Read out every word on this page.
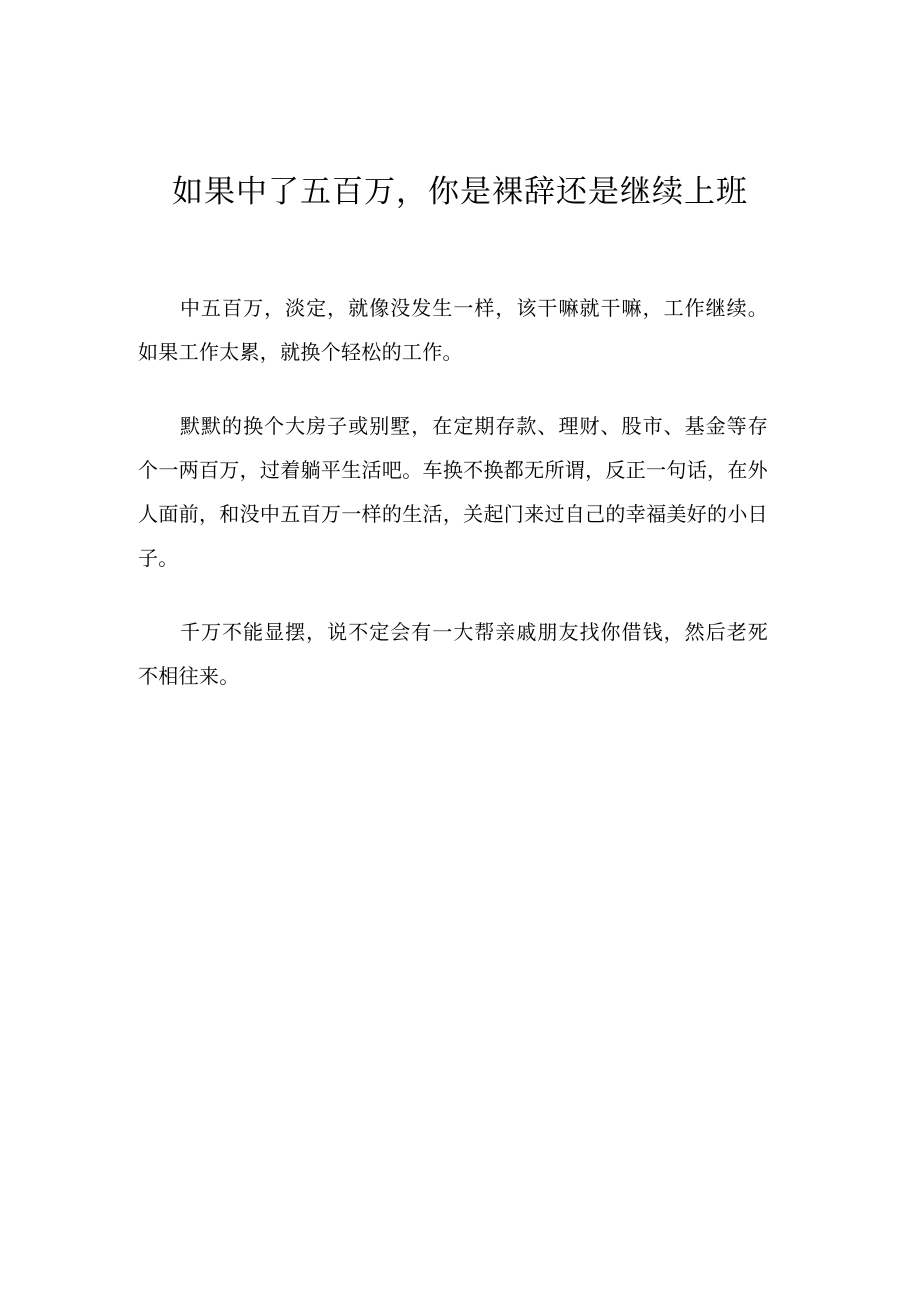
如果中了五百万，你是裸辞还是继续上班

中五百万，淡定，就像没发生一样，该干嘛就干嘛，工作继续。如果工作太累，就换个轻松的工作。

默默的换个大房子或别墅，在定期存款、理财、股市、基金等存个一两百万，过着躺平生活吧。车换不换都无所谓，反正一句话，在外人面前，和没中五百万一样的生活，关起门来过自己的幸福美好的小日子。

千万不能显摆，说不定会有一大帮亲戚朋友找你借钱，然后老死不相往来。
